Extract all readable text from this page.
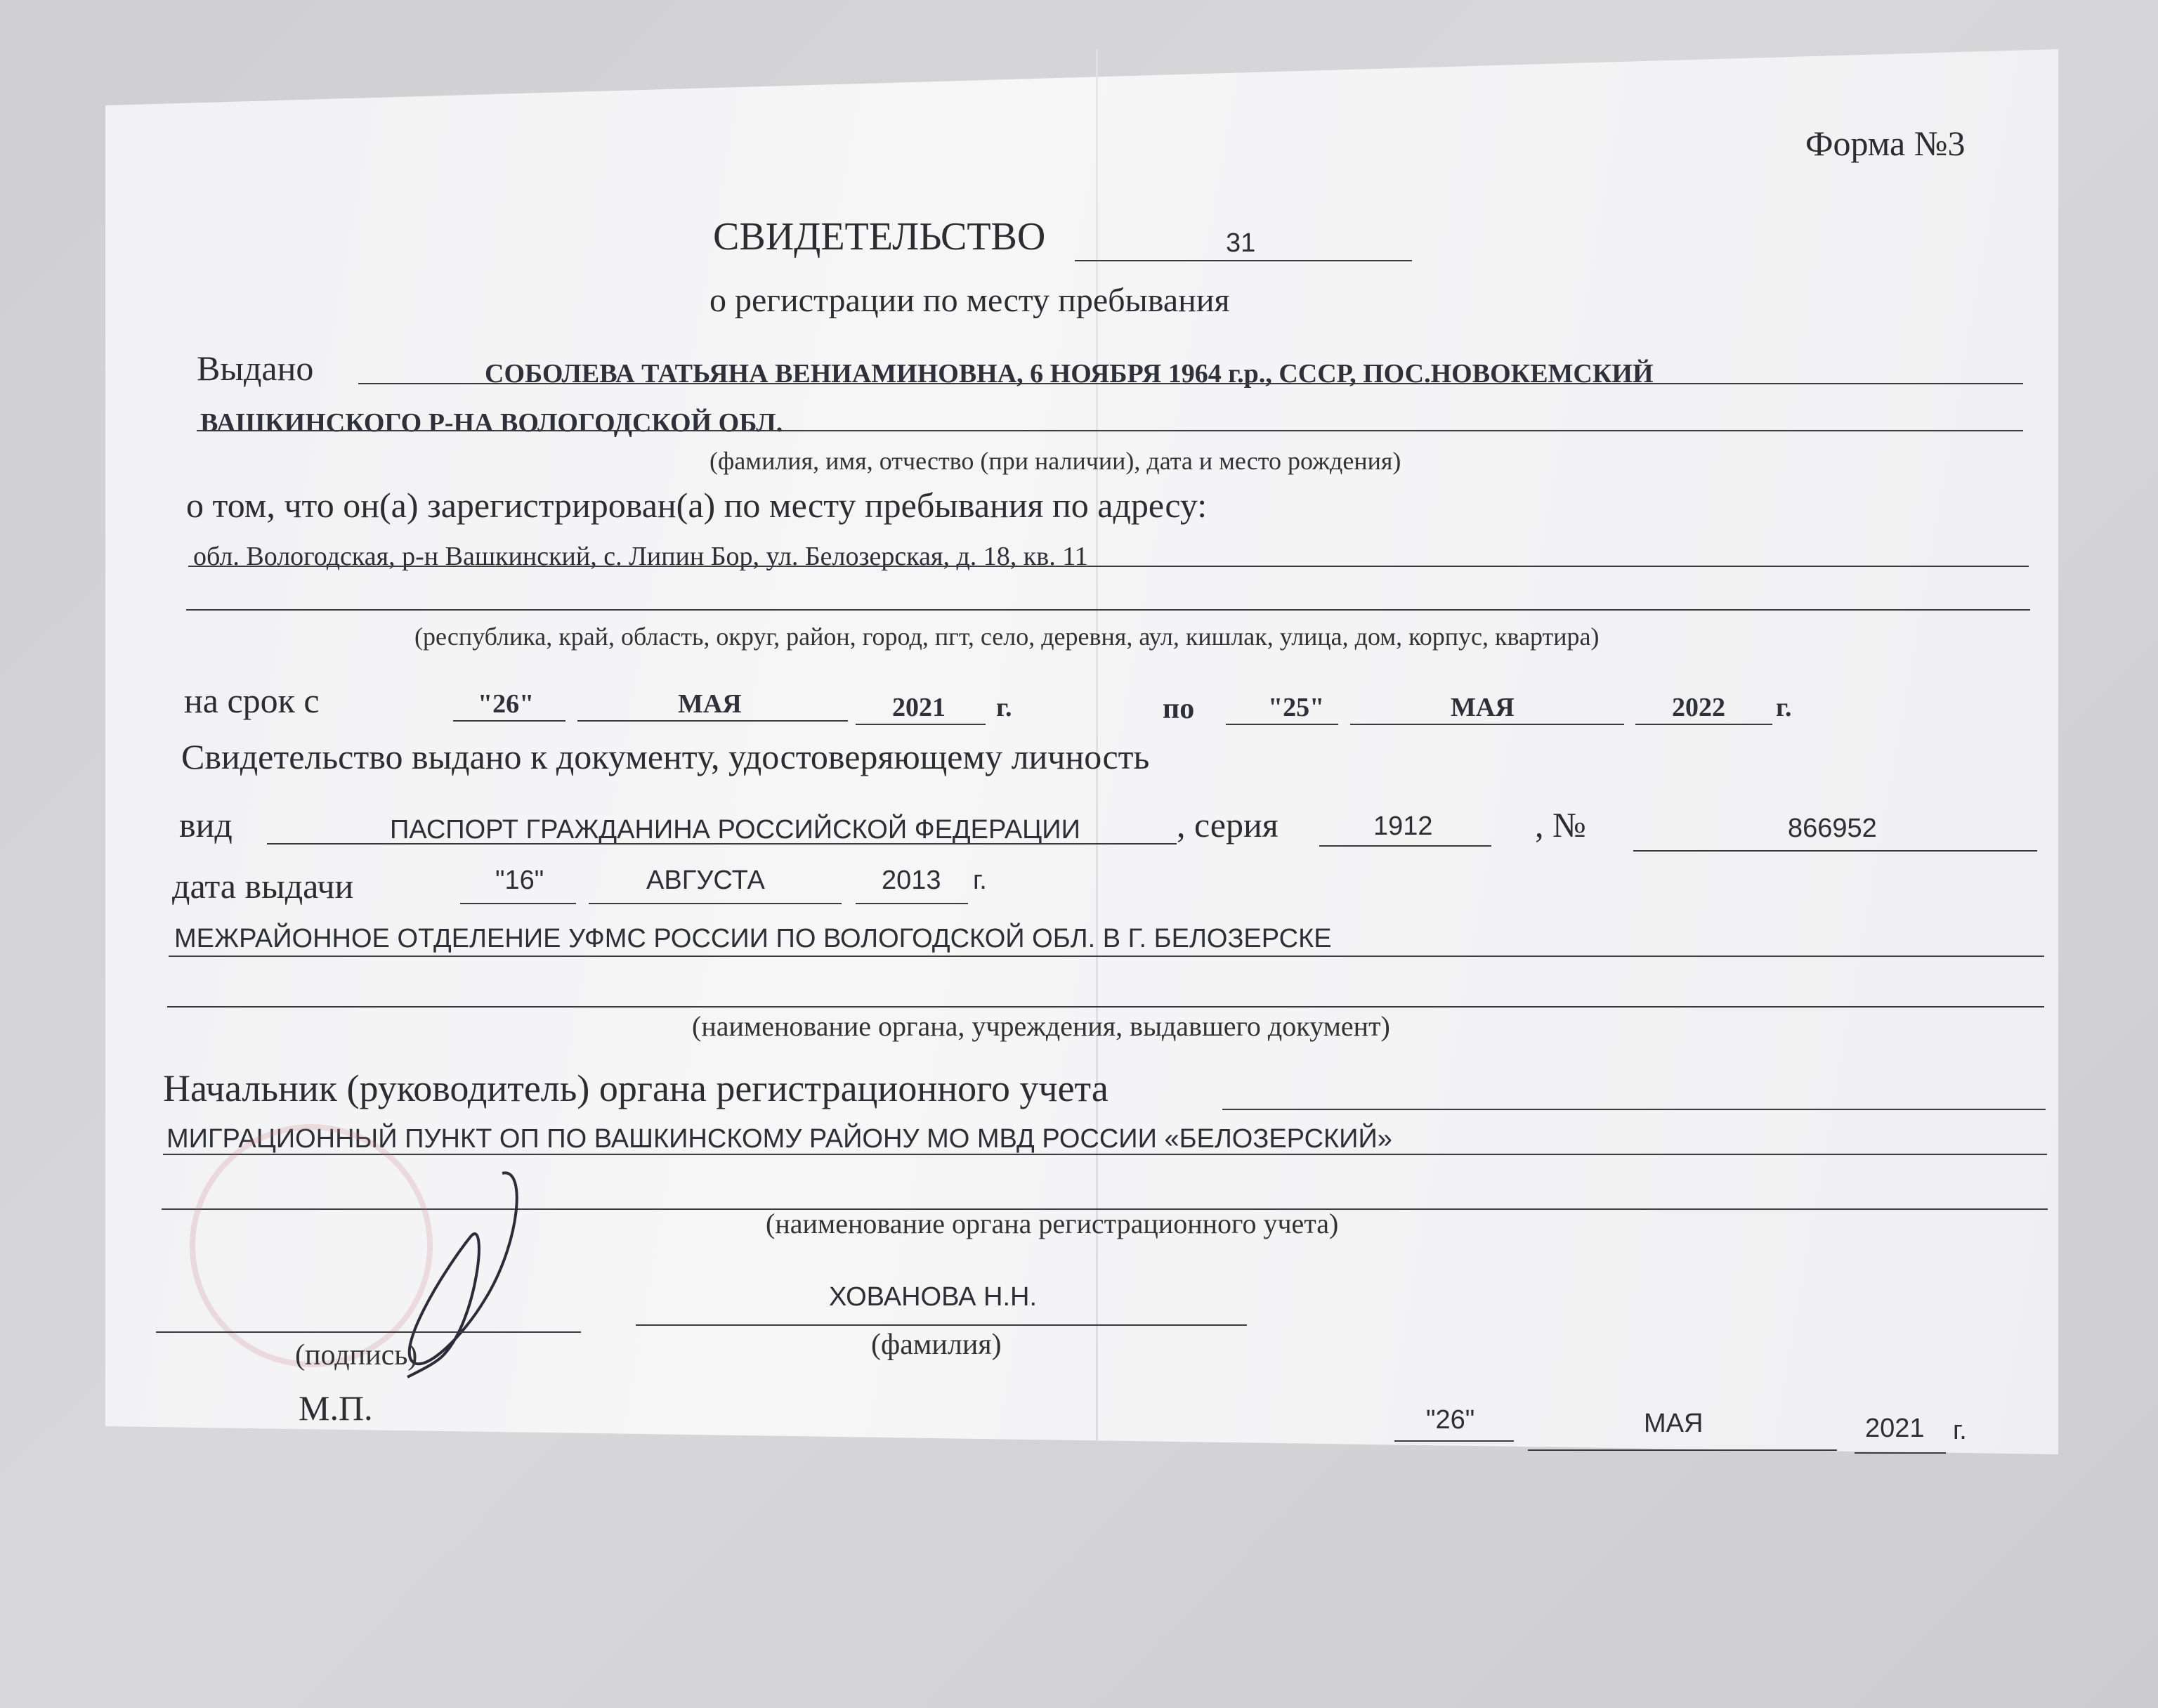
Форма №3
СВИДЕТЕЛЬСТВО	31
о регистрации по месту пребывания
Выдано	СОБОЛЕВА ТАТЬЯНА ВЕНИАМИНОВНА, 6 НОЯБРЯ 1964 г.р., СССР, ПОС.НОВОКЕМСКИЙ
ВАШКИНСКОГО Р-НА ВОЛОГОДСКОЙ ОБЛ.
(фамилия, имя, отчество (при наличии), дата и место рождения)
о том, что он(а) зарегистрирован(а) по месту пребывания по адресу:
обл. Вологодская, р-н Вашкинский, с. Липин Бор, ул. Белозерская, д. 18, кв. 11
(республика, край, область, округ, район, город, пгт, село, деревня, аул, кишлак, улица, дом, корпус, квартира)
на срок с	"26"	МАЯ	2021 г.	по	"25"	МАЯ	2022 г.
Свидетельство выдано к документу, удостоверяющему личность
вид	ПАСПОРТ ГРАЖДАНИНА РОССИЙСКОЙ ФЕДЕРАЦИИ	, серия	1912	, №	866952
дата выдачи	"16"	АВГУСТА	2013 г.
МЕЖРАЙОННОЕ ОТДЕЛЕНИЕ УФМС РОССИИ ПО ВОЛОГОДСКОЙ ОБЛ. В Г. БЕЛОЗЕРСКЕ
(наименование органа, учреждения, выдавшего документ)
Начальник (руководитель) органа регистрационного учета
МИГРАЦИОННЫЙ ПУНКТ ОП ПО ВАШКИНСКОМУ РАЙОНУ МО МВД РОССИИ «БЕЛОЗЕРСКИЙ»
(наименование органа регистрационного учета)
ХОВАНОВА Н.Н.
(подпись)	(фамилия)
М.П.	"26"	МАЯ	2021 г.
